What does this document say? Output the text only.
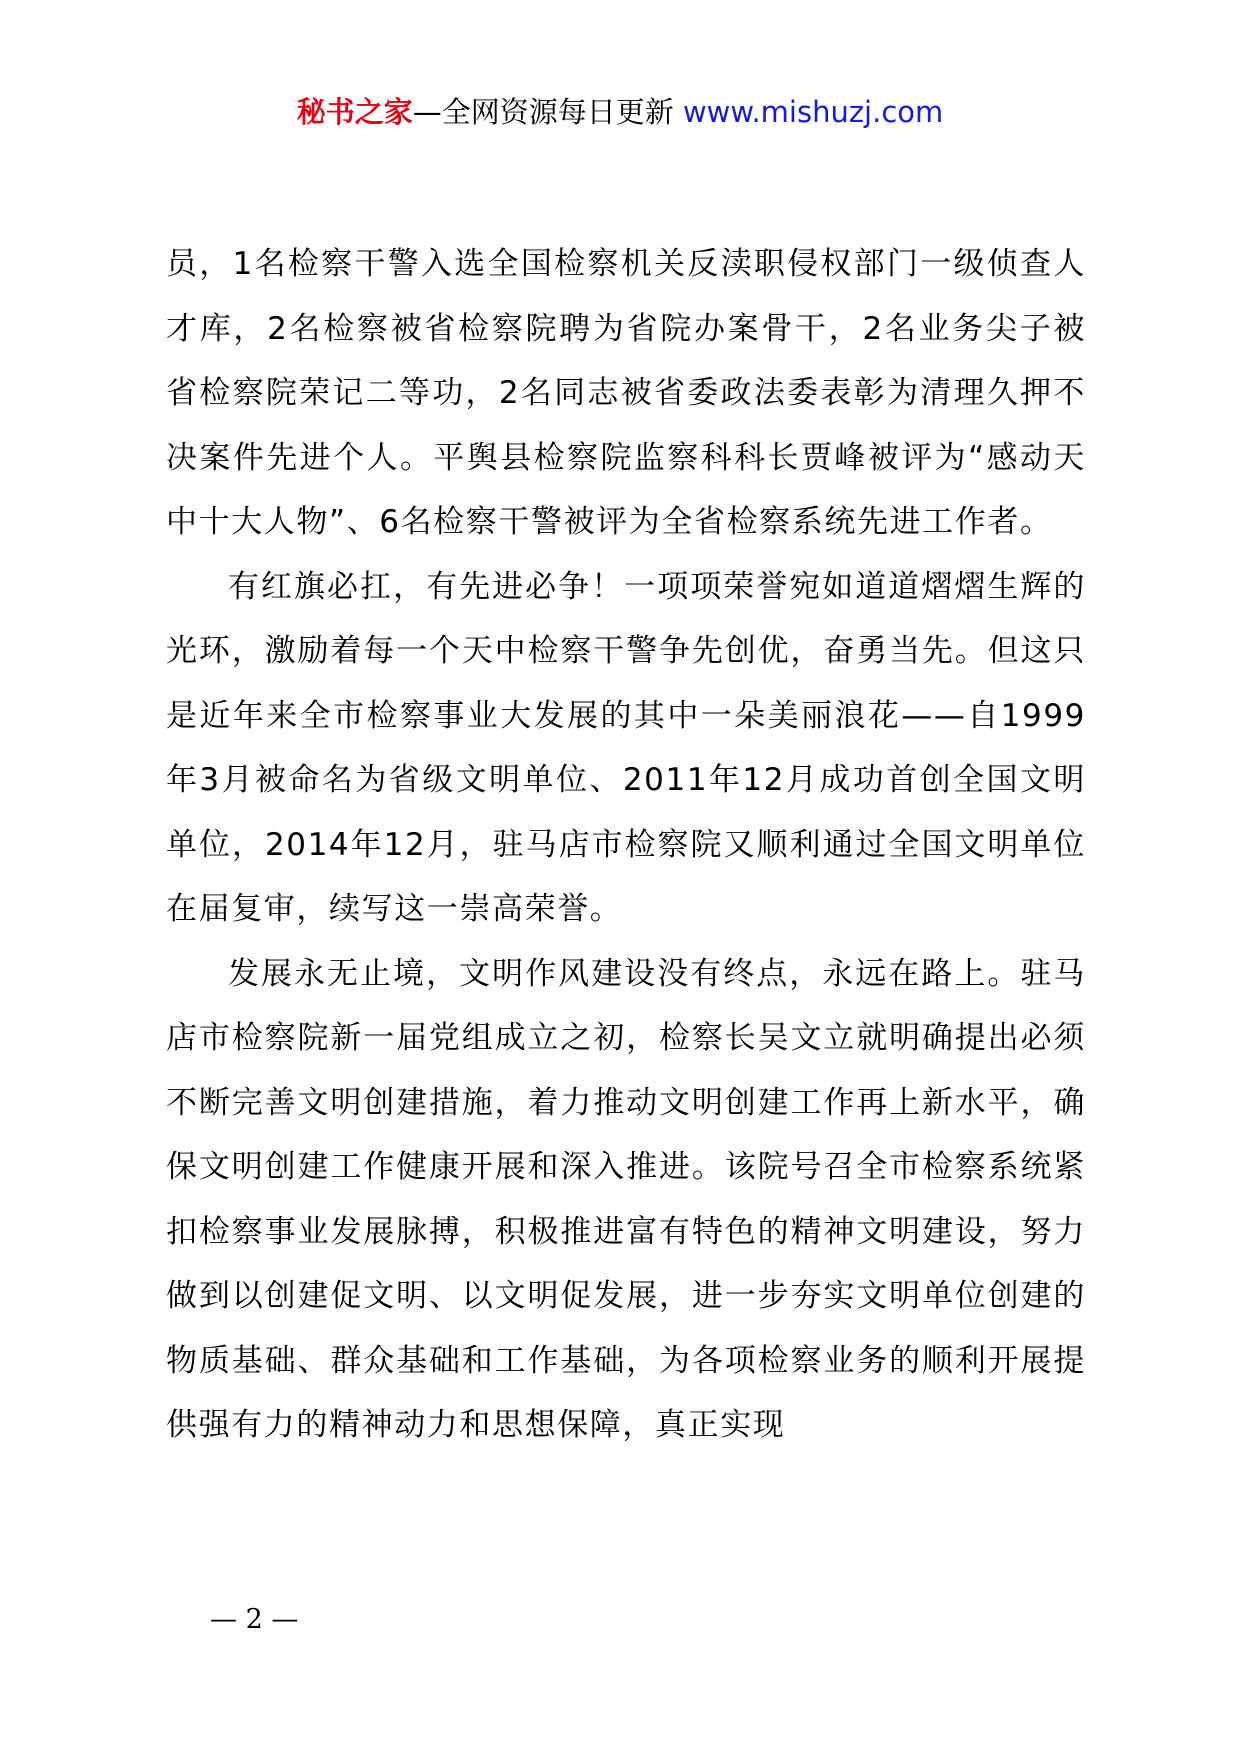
秘书之家—全网资源每日更新 www.mishuzj.com

员，1名检察干警入选全国检察机关反渎职侵权部门一级侦查人才库，2名检察被省检察院聘为省院办案骨干，2名业务尖子被省检察院荣记二等功，2名同志被省委政法委表彰为清理久押不决案件先进个人。平舆县检察院监察科科长贾峰被评为“感动天中十大人物”、6名检察干警被评为全省检察系统先进工作者。

有红旗必扛，有先进必争！一项项荣誉宛如道道熠熠生辉的光环，激励着每一个天中检察干警争先创优，奋勇当先。但这只是近年来全市检察事业大发展的其中一朵美丽浪花——自1999年3月被命名为省级文明单位、2011年12月成功首创全国文明单位，2014年12月，驻马店市检察院又顺利通过全国文明单位在届复审，续写这一崇高荣誉。

发展永无止境，文明作风建设没有终点，永远在路上。驻马店市检察院新一届党组成立之初，检察长吴文立就明确提出必须不断完善文明创建措施，着力推动文明创建工作再上新水平，确保文明创建工作健康开展和深入推进。该院号召全市检察系统紧扣检察事业发展脉搏，积极推进富有特色的精神文明建设，努力做到以创建促文明、以文明促发展，进一步夯实文明单位创建的物质基础、群众基础和工作基础，为各项检察业务的顺利开展提供强有力的精神动力和思想保障，真正实现

— 2 —
